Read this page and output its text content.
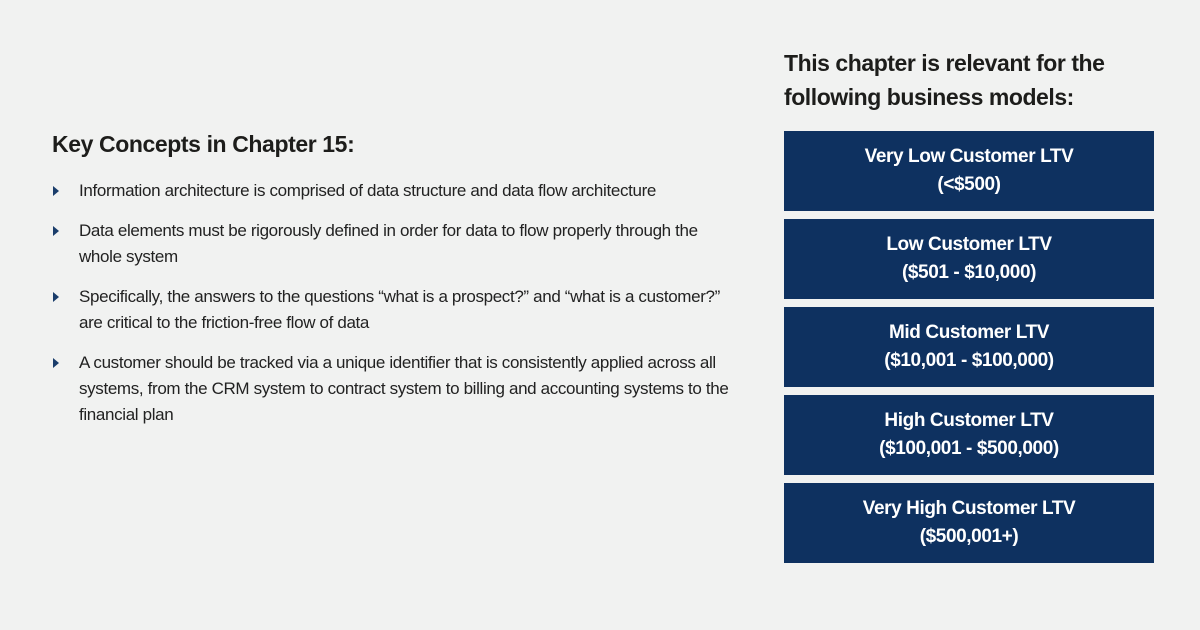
Key Concepts in Chapter 15:
Information architecture is comprised of data structure and data flow architecture
Data elements must be rigorously defined in order for data to flow properly through the whole system
Specifically, the answers to the questions “what is a prospect?” and “what is a customer?” are critical to the friction-free flow of data
A customer should be tracked via a unique identifier that is consistently applied across all systems, from the CRM system to contract system to billing and accounting systems to the financial plan
This chapter is relevant for the following business models:
Very Low Customer LTV
(<$500)
Low Customer LTV
($501 - $10,000)
Mid Customer LTV
($10,001 - $100,000)
High Customer LTV
($100,001 - $500,000)
Very High Customer LTV
($500,001+)
